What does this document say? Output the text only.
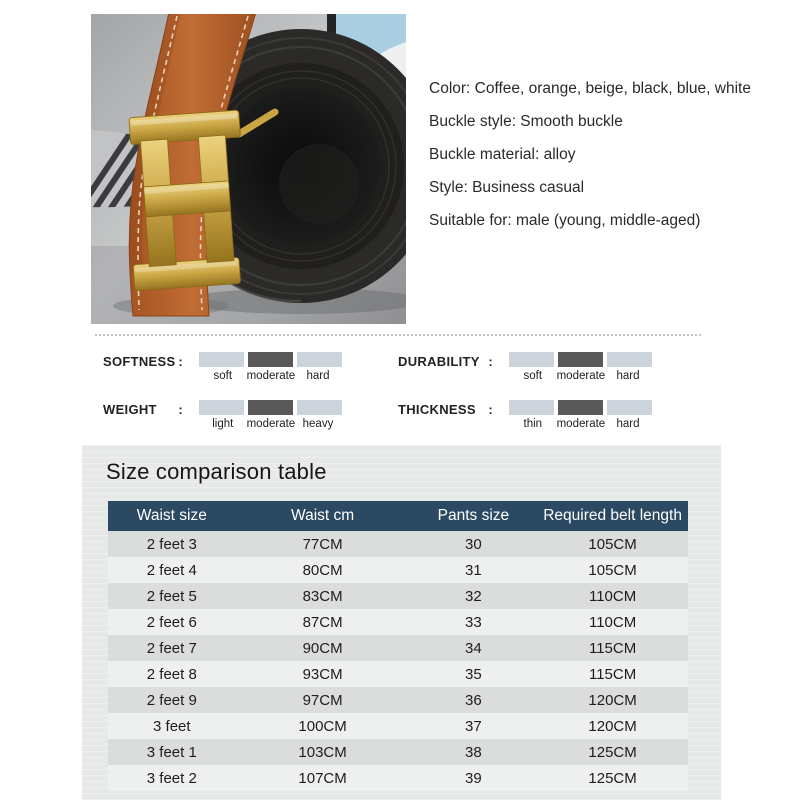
Color: Coffee, orange, beige, black, blue, white

Buckle style: Smooth buckle

Buckle material: alloy

Style: Business casual

Suitable for: male (young, middle-aged)

SOFTNESS :
soft	moderate hard
DURABILITY :
soft	moderate hard
WEIGHT :
light	moderate heavy
THICKNESS :
thin	moderate hard
Size comparison table
Waist size	Waist cm	Pants size	Required belt length
2 feet 3	77CM	30	105CM
2 feet 4	80CM	31	105CM
2 feet 5	83CM	32	110CM
2 feet 6	87CM	33	110CM
2 feet 7	90CM	34	115CM
2 feet 8	93CM	35	115CM
2 feet 9	97CM	36	120CM
3 feet	100CM	37	120CM
3 feet 1	103CM	38	125CM
3 feet 2	107CM	39	125CM
